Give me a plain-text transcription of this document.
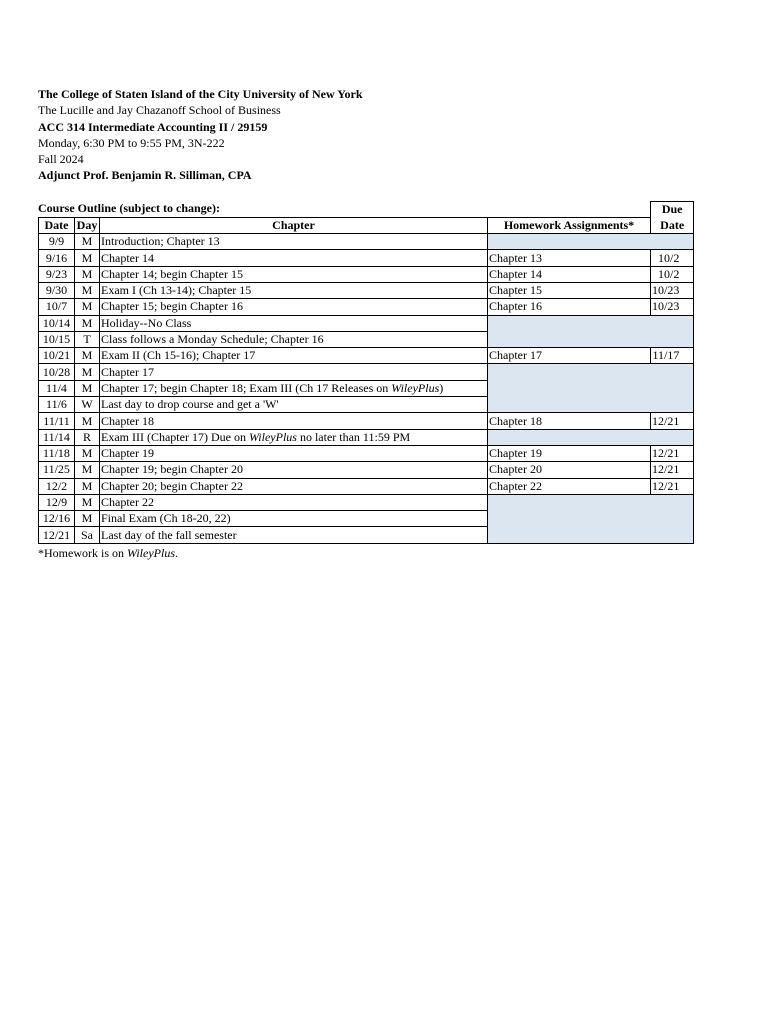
The College of Staten Island of the City University of New York
The Lucille and Jay Chazanoff School of Business
ACC 314 Intermediate Accounting II / 29159
Monday, 6:30 PM to 9:55 PM, 3N-222
Fall 2024
Adjunct Prof. Benjamin R. Silliman, CPA
Course Outline (subject to change):
					Due
Date	Day	Chapter	Homework Assignments*	Date
9/9	M	Introduction; Chapter 13		
9/16	M	Chapter 14	Chapter 13	10/2
9/23	M	Chapter 14; begin Chapter 15	Chapter 14	10/2
9/30	M	Exam I (Ch 13-14); Chapter 15	Chapter 15	10/23
10/7	M	Chapter 15; begin Chapter 16	Chapter 16	10/23
10/14	M	Holiday--No Class		
10/15	T	Class follows a Monday Schedule; Chapter 16		
10/21	M	Exam II (Ch 15-16); Chapter 17	Chapter 17	11/17
10/28	M	Chapter 17		
11/4	M	Chapter 17; begin Chapter 18; Exam III (Ch 17 Releases on WileyPlus)		
11/6	W	Last day to drop course and get a 'W'		
11/11	M	Chapter 18	Chapter 18	12/21
11/14	R	Exam III (Chapter 17) Due on WileyPlus no later than 11:59 PM		
11/18	M	Chapter 19	Chapter 19	12/21
11/25	M	Chapter 19; begin Chapter 20	Chapter 20	12/21
12/2	M	Chapter 20; begin Chapter 22	Chapter 22	12/21
12/9	M	Chapter 22		
12/16	M	Final Exam (Ch 18-20, 22)		
12/21	Sa	Last day of the fall semester		
*Homework is on WileyPlus.
